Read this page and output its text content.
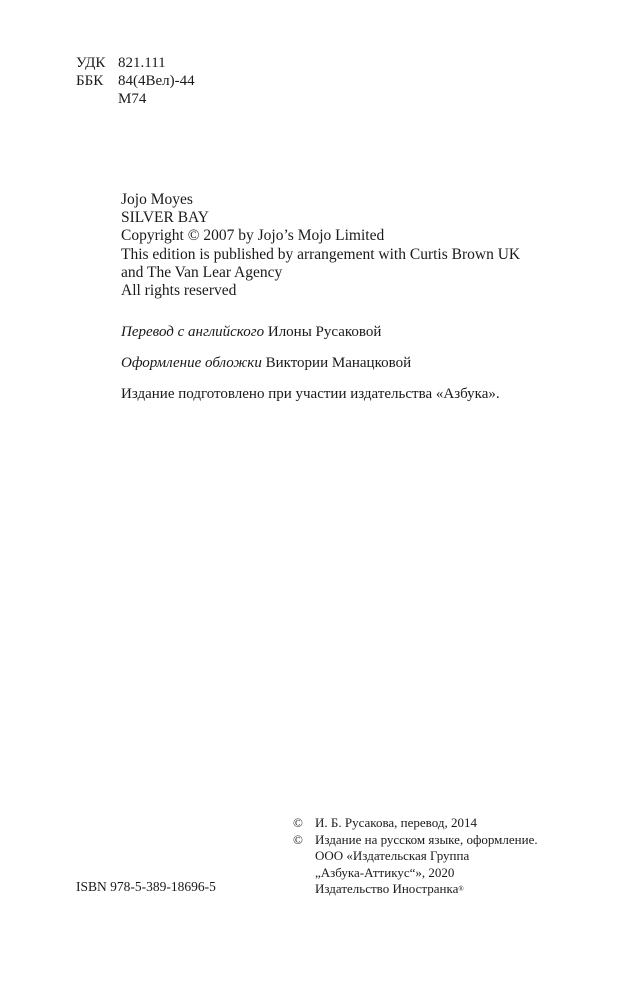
УДК 821.111
ББК 84(4Вел)-44
М74
Jojo Moyes
SILVER BAY
Copyright © 2007 by Jojo’s Mojo Limited
This edition is published by arrangement with Curtis Brown UK
and The Van Lear Agency
All rights reserved
Перевод с английского Илоны Русаковой
Оформление обложки Виктории Манацковой
Издание подготовлено при участии издательства «Азбука».
ISBN 978-5-389-18696-5
© И. Б. Русакова, перевод, 2014
© Издание на русском языке, оформление.
ООО «Издательская Группа
„Азбука-Аттикус“», 2020
Издательство Иностранка ®
